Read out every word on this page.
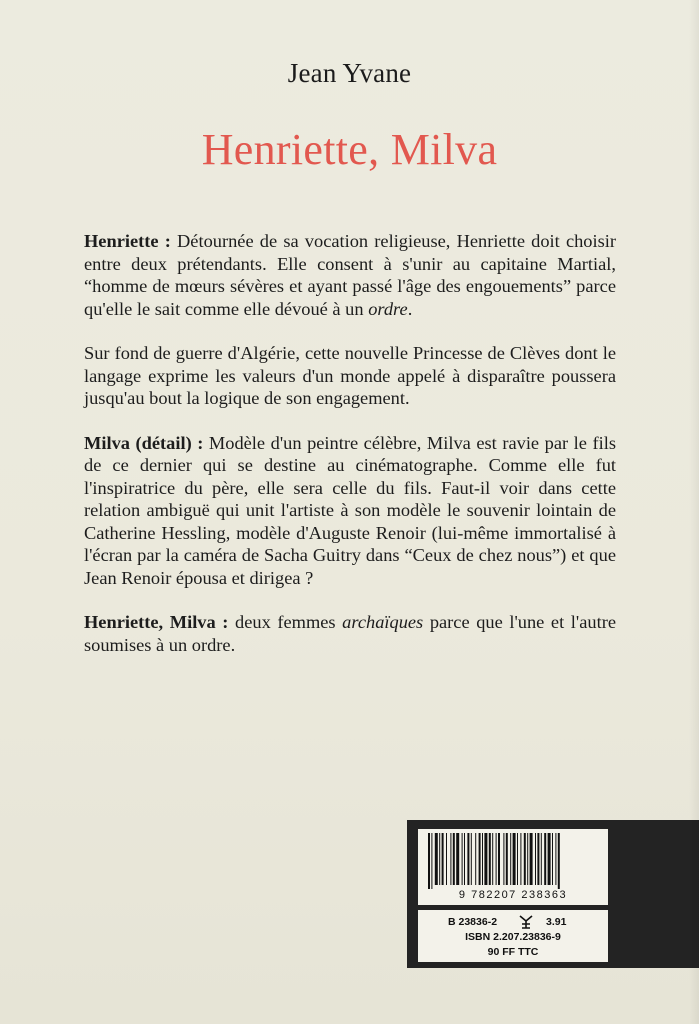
Jean Yvane
Henriette, Milva

Henriette : Détournée de sa vocation religieuse, Henriette doit choisir entre deux prétendants. Elle consent à s'unir au capitaine Martial, “homme de mœurs sévères et ayant passé l'âge des engouements” parce qu'elle le sait comme elle dévoué à un ordre.

Sur fond de guerre d'Algérie, cette nouvelle Princesse de Clèves dont le langage exprime les valeurs d'un monde appelé à disparaître poussera jusqu'au bout la logique de son engagement.

Milva (détail) : Modèle d'un peintre célèbre, Milva est ravie par le fils de ce dernier qui se destine au cinématographe. Comme elle fut l'inspiratrice du père, elle sera celle du fils. Faut-il voir dans cette relation ambiguë qui unit l'artiste à son modèle le souvenir lointain de Catherine Hessling, modèle d'Auguste Renoir (lui-même immortalisé à l'écran par la caméra de Sacha Guitry dans “Ceux de chez nous”) et que Jean Renoir épousa et dirigea ?

Henriette, Milva : deux femmes archaïques parce que l'une et l'autre soumises à un ordre.

9 782207 238363
B 23836-2	3.91
ISBN 2.207.23836-9
90 FF TTC
